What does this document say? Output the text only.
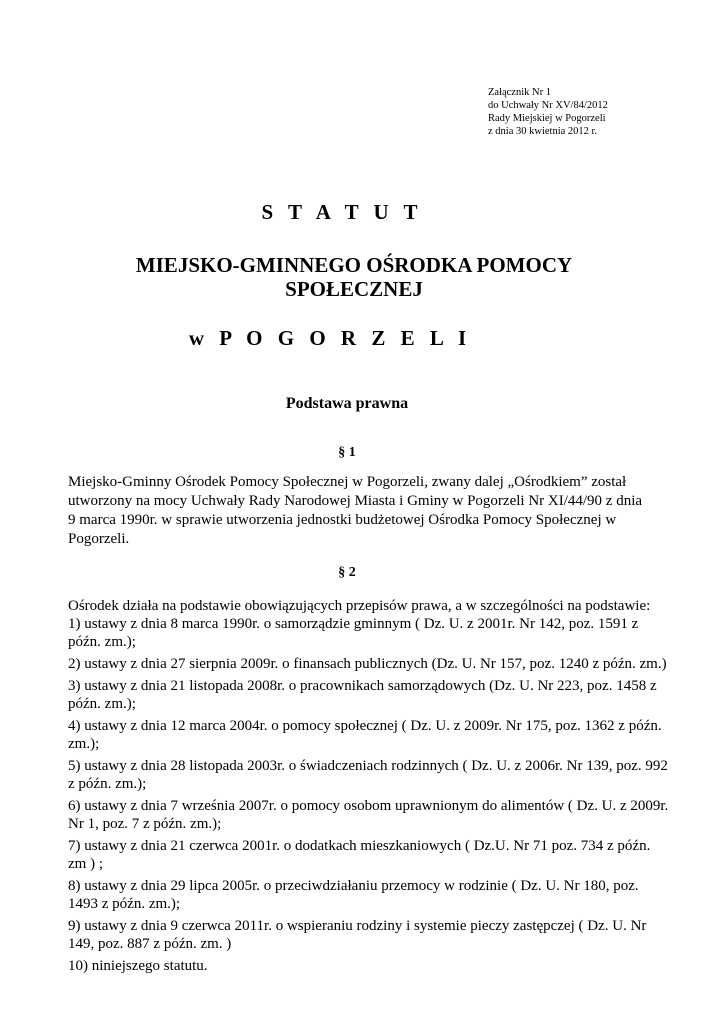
Załącznik Nr 1
do Uchwały Nr XV/84/2012
Rady Miejskiej w Pogorzeli
z dnia 30 kwietnia 2012 r.
S T A T U T
MIEJSKO-GMINNEGO OŚRODKA POMOCY
SPOŁECZNEJ
w P O G O R Z E L I
Podstawa prawna
§ 1
Miejsko-Gminny Ośrodek Pomocy Społecznej w Pogorzeli, zwany dalej „Ośrodkiem” został
utworzony na mocy Uchwały Rady Narodowej Miasta i Gminy w Pogorzeli Nr XI/44/90 z dnia
9 marca 1990r. w sprawie utworzenia jednostki budżetowej Ośrodka Pomocy Społecznej w
Pogorzeli.
§ 2
Ośrodek działa na podstawie obowiązujących przepisów prawa, a w szczególności na podstawie:
1) ustawy z dnia 8 marca 1990r. o samorządzie gminnym ( Dz. U. z 2001r. Nr 142, poz. 1591 z
późn. zm.);
2) ustawy z dnia 27 sierpnia 2009r. o finansach publicznych (Dz. U. Nr 157, poz. 1240 z późn. zm.)
3) ustawy z dnia 21 listopada 2008r. o pracownikach samorządowych (Dz. U. Nr 223, poz. 1458 z
późn. zm.);
4) ustawy z dnia 12 marca 2004r. o pomocy społecznej ( Dz. U. z 2009r. Nr 175, poz. 1362 z późn.
zm.);
5) ustawy z dnia 28 listopada 2003r. o świadczeniach rodzinnych ( Dz. U. z 2006r. Nr 139, poz. 992
z późn. zm.);
6) ustawy z dnia 7 września 2007r. o pomocy osobom uprawnionym do alimentów ( Dz. U. z 2009r.
Nr 1, poz. 7 z późn. zm.);
7) ustawy z dnia 21 czerwca 2001r. o dodatkach mieszkaniowych ( Dz.U. Nr 71 poz. 734 z późn.
zm ) ;
8) ustawy z dnia 29 lipca 2005r. o przeciwdziałaniu przemocy w rodzinie ( Dz. U. Nr 180, poz.
1493 z późn. zm.);
9) ustawy z dnia 9 czerwca 2011r. o wspieraniu rodziny i systemie pieczy zastępczej ( Dz. U. Nr
149, poz. 887 z późn. zm. )
10) niniejszego statutu.
